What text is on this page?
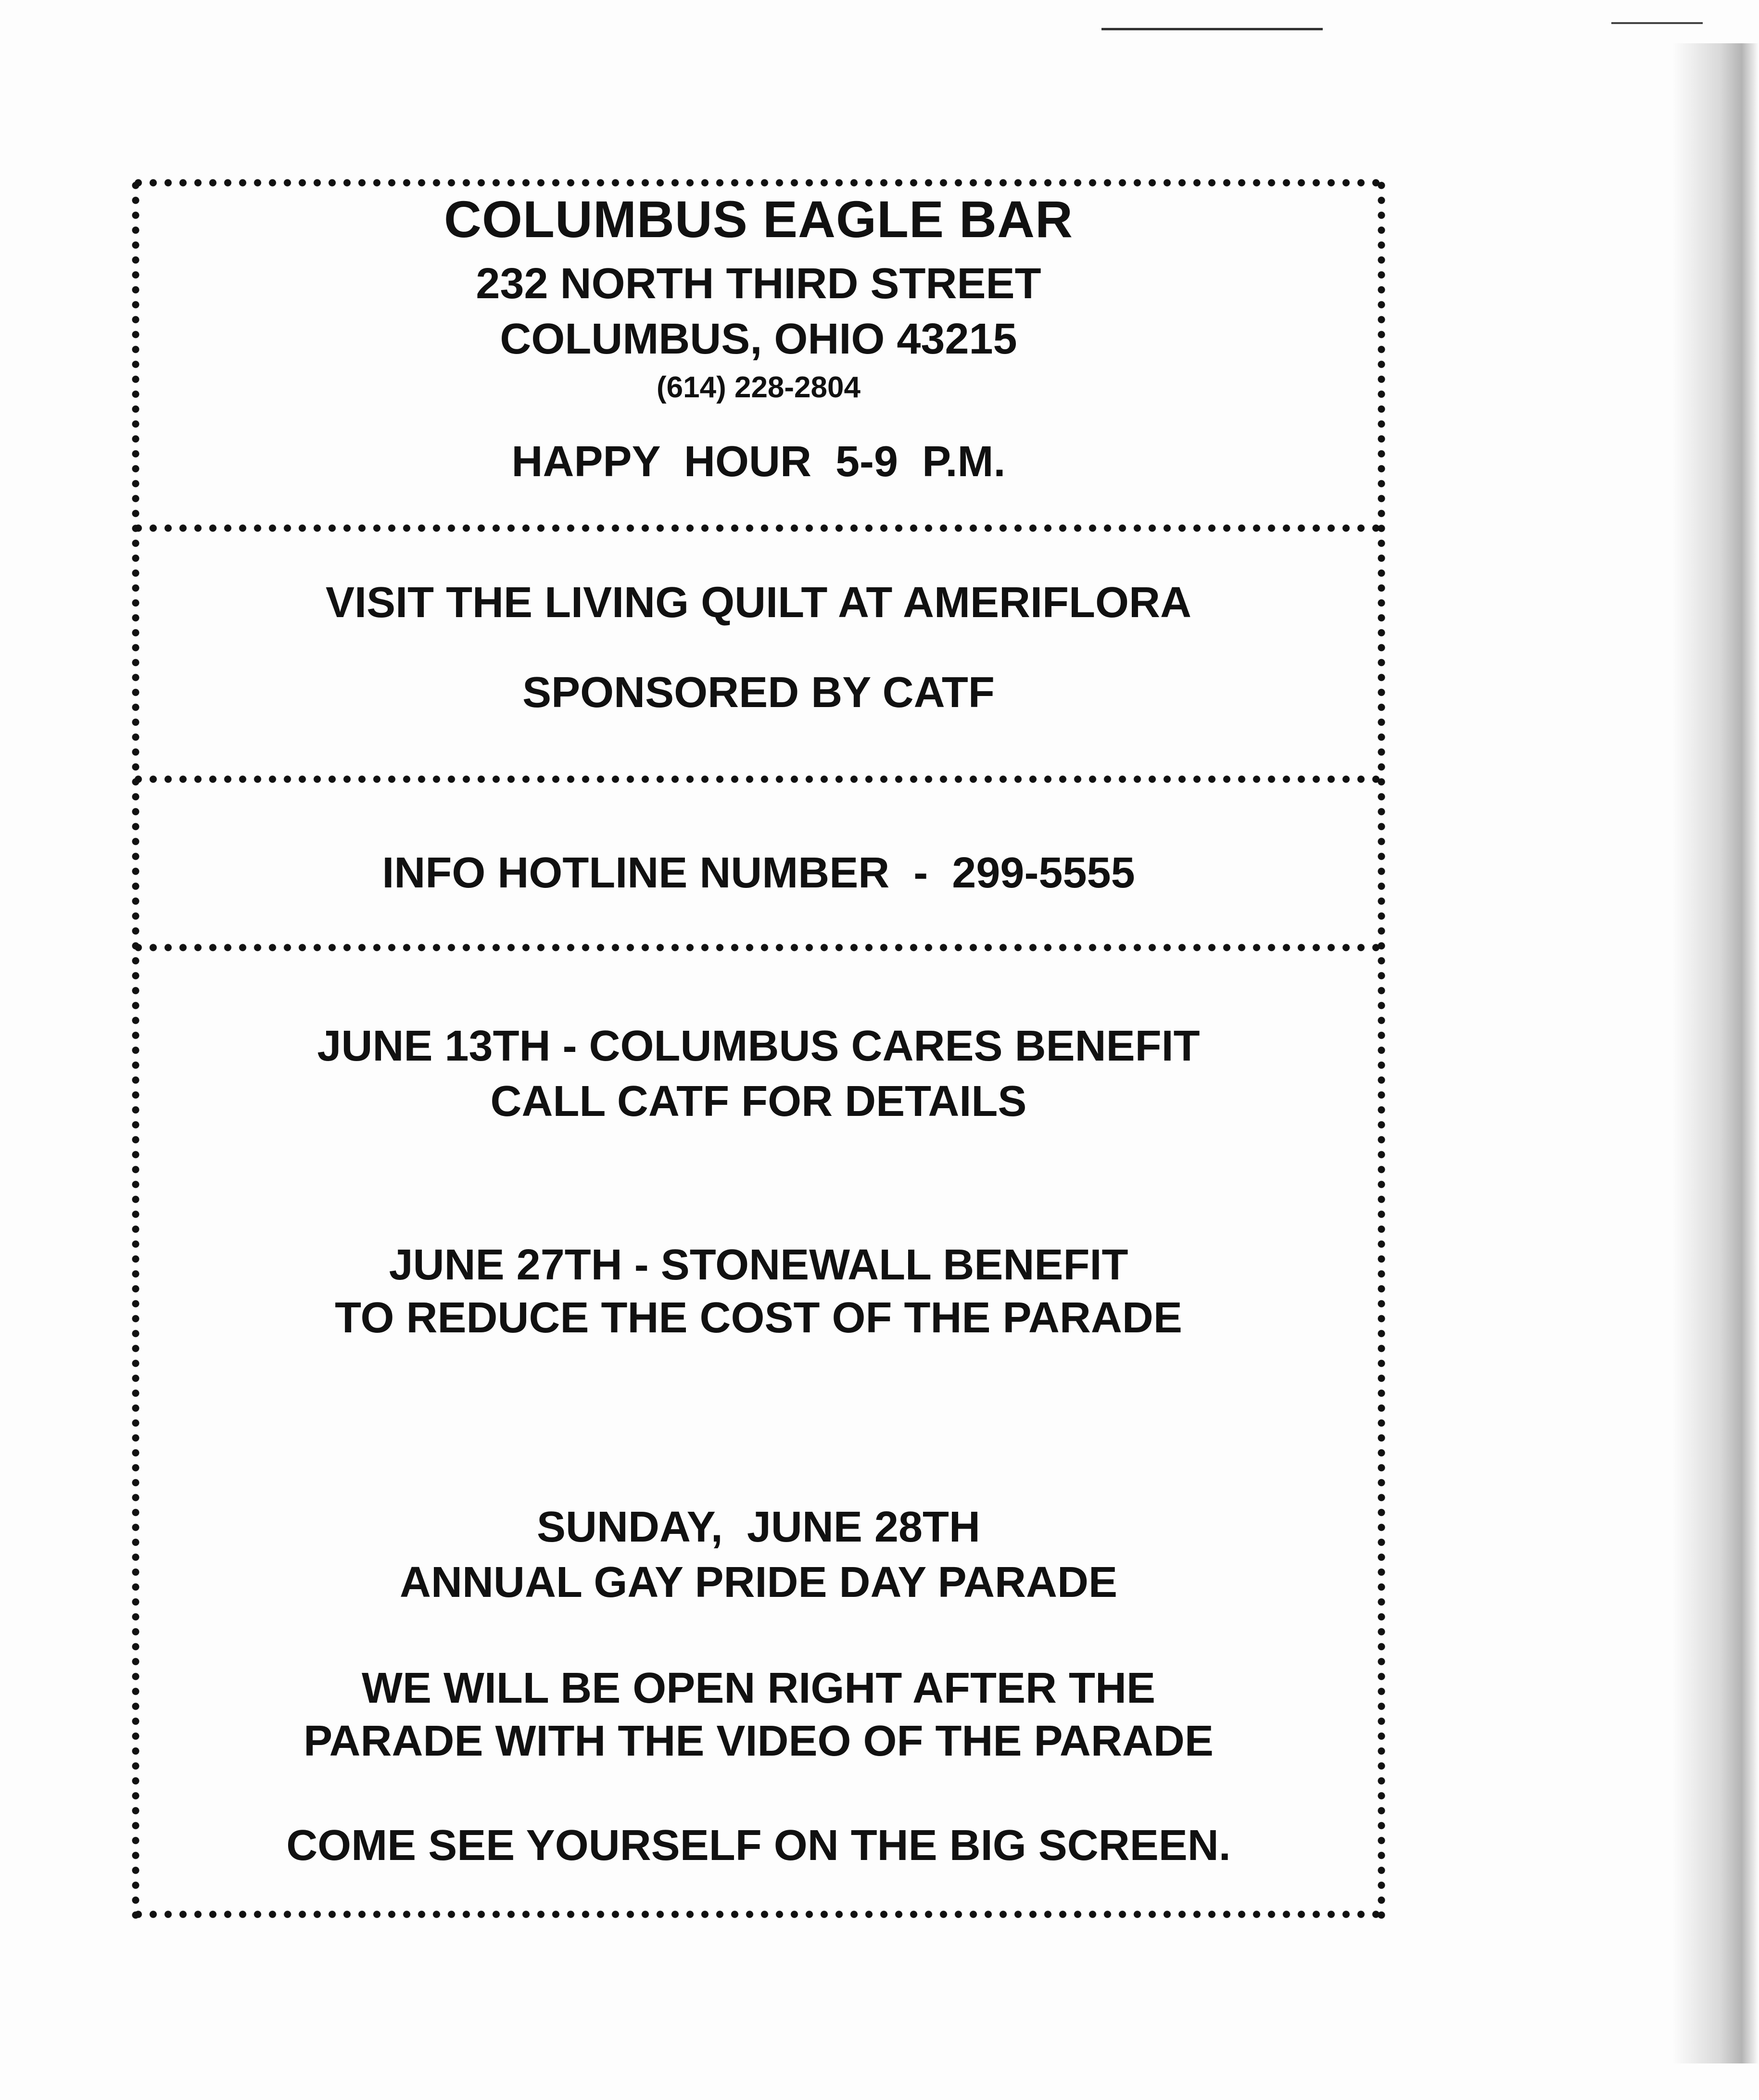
COLUMBUS EAGLE BAR
232 NORTH THIRD STREET
COLUMBUS, OHIO 43215
(614) 228-2804
HAPPY  HOUR  5-9  P.M.
VISIT THE LIVING QUILT AT AMERIFLORA
SPONSORED BY CATF
INFO HOTLINE NUMBER  -  299-5555
JUNE 13TH - COLUMBUS CARES BENEFIT
CALL CATF FOR DETAILS
JUNE 27TH - STONEWALL BENEFIT
TO REDUCE THE COST OF THE PARADE
SUNDAY,  JUNE 28TH
ANNUAL GAY PRIDE DAY PARADE
WE WILL BE OPEN RIGHT AFTER THE
PARADE WITH THE VIDEO OF THE PARADE
COME SEE YOURSELF ON THE BIG SCREEN.
